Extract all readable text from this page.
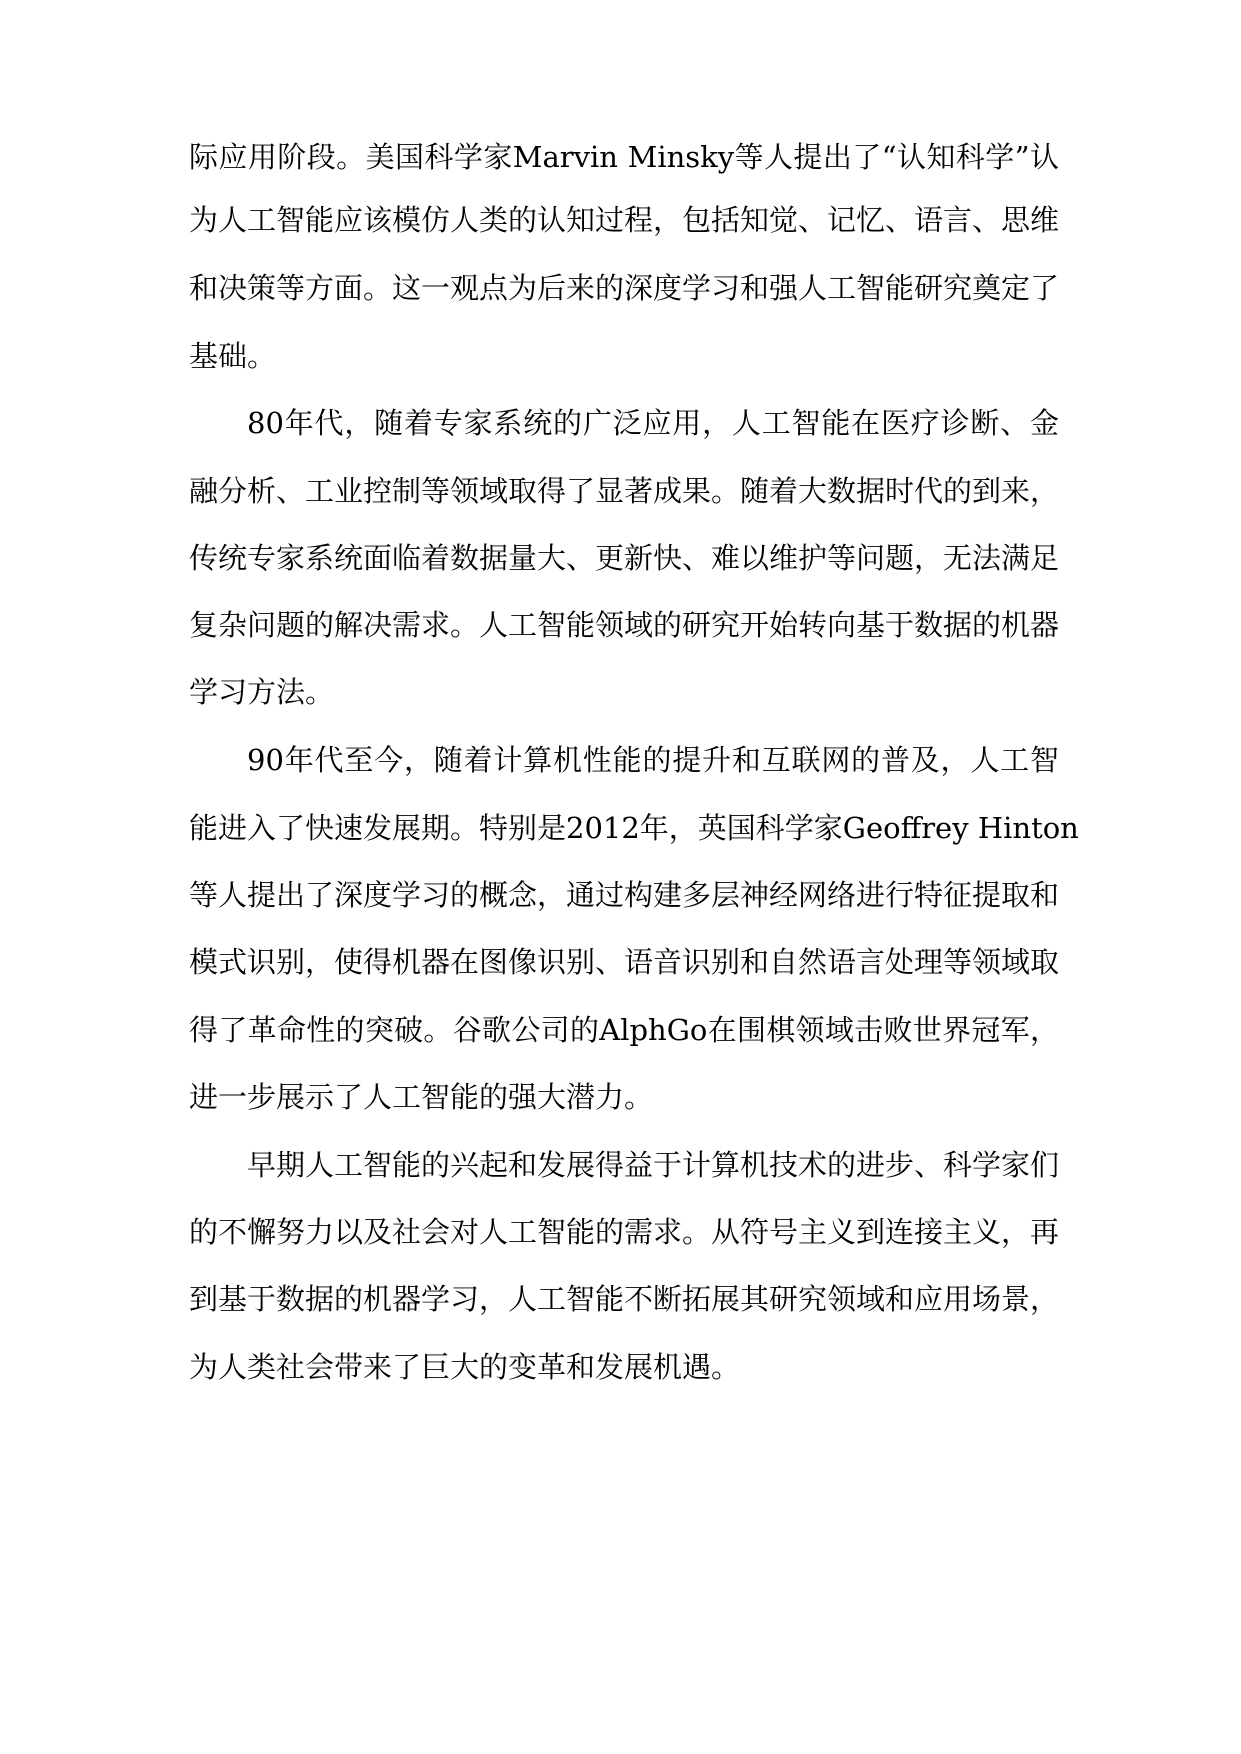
际应用阶段。美国科学家Marvin Minsky等人提出了“认知科学”认

为人工智能应该模仿人类的认知过程，包括知觉、记忆、语言、思维

和决策等方面。这一观点为后来的深度学习和强人工智能研究奠定了

基础。

80年代，随着专家系统的广泛应用，人工智能在医疗诊断、金

融分析、工业控制等领域取得了显著成果。随着大数据时代的到来，

传统专家系统面临着数据量大、更新快、难以维护等问题，无法满足

复杂问题的解决需求。人工智能领域的研究开始转向基于数据的机器

学习方法。

90年代至今，随着计算机性能的提升和互联网的普及，人工智

能进入了快速发展期。特别是2012年，英国科学家Geoffrey Hinton

等人提出了深度学习的概念，通过构建多层神经网络进行特征提取和

模式识别，使得机器在图像识别、语音识别和自然语言处理等领域取

得了革命性的突破。谷歌公司的AlphGo在围棋领域击败世界冠军，

进一步展示了人工智能的强大潜力。

早期人工智能的兴起和发展得益于计算机技术的进步、科学家们

的不懈努力以及社会对人工智能的需求。从符号主义到连接主义，再

到基于数据的机器学习，人工智能不断拓展其研究领域和应用场景，

为人类社会带来了巨大的变革和发展机遇。
